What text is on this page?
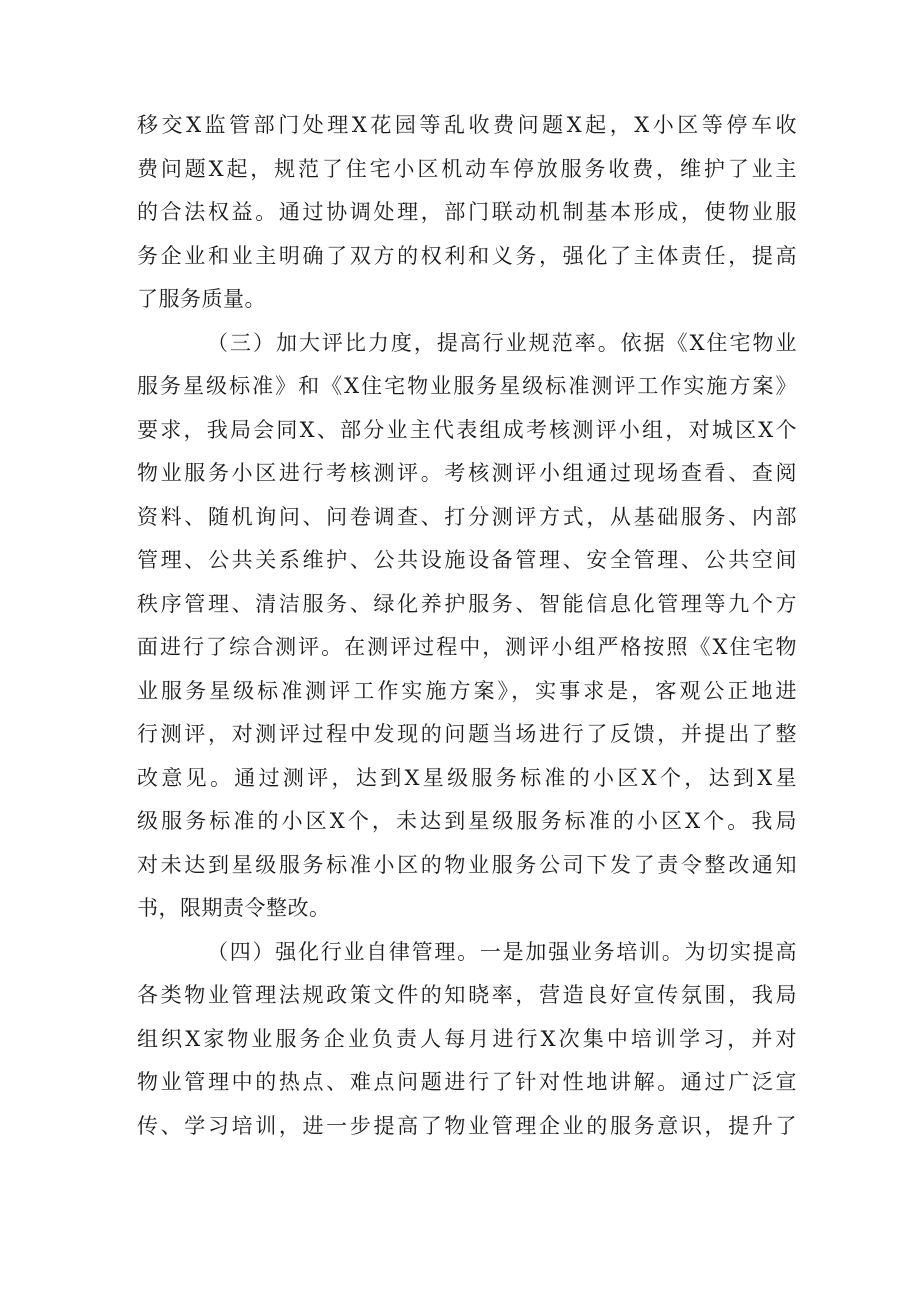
移交X监管部门处理X花园等乱收费问题X起，X小区等停车收
费问题X起，规范了住宅小区机动车停放服务收费，维护了业主
的合法权益。通过协调处理，部门联动机制基本形成，使物业服
务企业和业主明确了双方的权利和义务，强化了主体责任，提高
了服务质量。
（三）加大评比力度，提高行业规范率。依据《X住宅物业
服务星级标准》和《X住宅物业服务星级标准测评工作实施方案》
要求，我局会同X、部分业主代表组成考核测评小组，对城区X个
物业服务小区进行考核测评。考核测评小组通过现场查看、查阅
资料、随机询问、问卷调查、打分测评方式，从基础服务、内部
管理、公共关系维护、公共设施设备管理、安全管理、公共空间
秩序管理、清洁服务、绿化养护服务、智能信息化管理等九个方
面进行了综合测评。在测评过程中，测评小组严格按照《X住宅物
业服务星级标准测评工作实施方案》，实事求是，客观公正地进
行测评，对测评过程中发现的问题当场进行了反馈，并提出了整
改意见。通过测评，达到X星级服务标准的小区X个，达到X星
级服务标准的小区X个，未达到星级服务标准的小区X个。我局
对未达到星级服务标准小区的物业服务公司下发了责令整改通知
书，限期责令整改。
（四）强化行业自律管理。一是加强业务培训。为切实提高
各类物业管理法规政策文件的知晓率，营造良好宣传氛围，我局
组织X家物业服务企业负责人每月进行X次集中培训学习，并对
物业管理中的热点、难点问题进行了针对性地讲解。通过广泛宣
传、学习培训，进一步提高了物业管理企业的服务意识，提升了
